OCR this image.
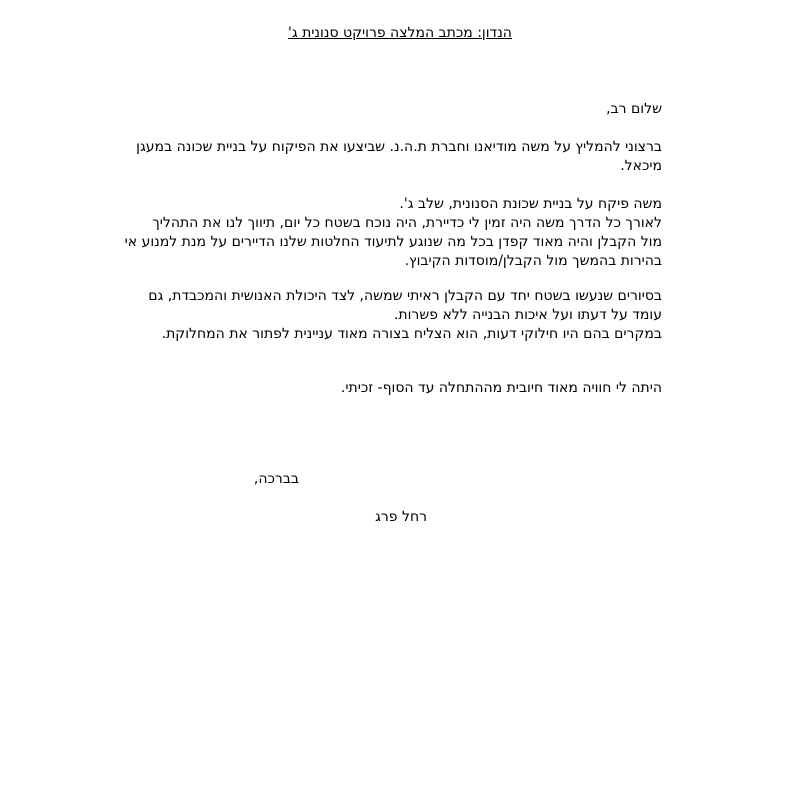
הנדון: מכתב המלצה פרויקט סנונית ג'
שלום רב,
ברצוני להמליץ על משה מודיאנו וחברת ת.ה.נ. שביצעו את הפיקוח על בניית שכונה במעגן
מיכאל.
משה פיקח על בניית שכונת הסנונית, שלב ג'.
לאורך כל הדרך משה היה זמין לי כדיירת, היה נוכח בשטח כל יום, תיווך לנו את התהליך
מול הקבלן והיה מאוד קפדן בכל מה שנוגע לתיעוד החלטות שלנו הדיירים על מנת למנוע אי
בהירות בהמשך מול הקבלן/מוסדות הקיבוץ.
בסיורים שנעשו בשטח יחד עם הקבלן ראיתי שמשה, לצד היכולת האנושית והמכבדת, גם
עומד על דעתו ועל איכות הבנייה ללא פשרות.
במקרים בהם היו חילוקי דעות, הוא הצליח בצורה מאוד עניינית לפתור את המחלוקת.
היתה לי חוויה מאוד חיובית מההתחלה עד הסוף- זכיתי.
בברכה,
רחל פרג
